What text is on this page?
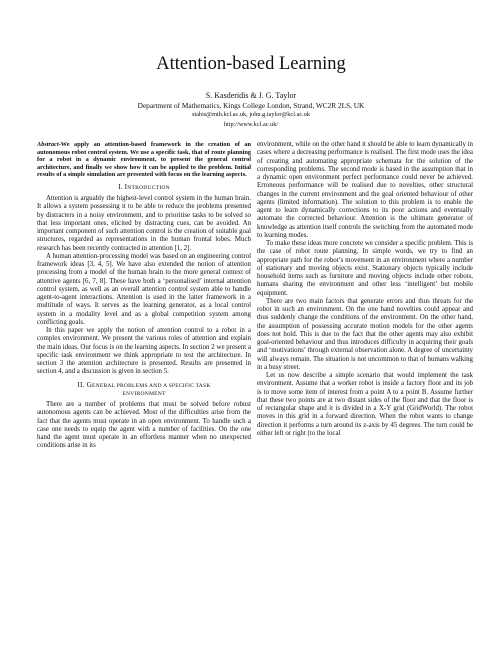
Attention-based Learning
S. Kasderidis & J. G. Taylor
Department of Mathematics, Kings College London, Strand, WC2R 2LS, UK
stahis@mth.kcl.ac.uk, john.g.taylor@kcl.ac.uk
http://www.kcl.ac.uk/

Abstract-We apply an attention-based framework in the creation of an autonomous robot control system. We use a specific task, that of route planning for a robot in a dynamic environment, to present the general control architecture, and finally we show how it can be applied to the problem. Initial results of a simple simulation are presented with focus on the learning aspects.

I. INTRODUCTION

Attention is arguably the highest-level control system in the human brain. It allows a system possessing it to be able to reduce the problems presented by distracters in a noisy environment, and to prioritise tasks to be solved so that less important ones, elicited by distracting cues, can be avoided. An important component of such attention control is the creation of suitable goal structures, regarded as representations in the human frontal lobes. Much research has been recently contracted in attention [1, 2].

A human attention-processing model was based on an engineering control framework ideas [3, 4, 5]. We have also extended the notion of attention processing from a model of the human brain to the more general context of attentive agents [6, 7, 8]. These have both a ‘personalised’ internal attention control system, as well as an overall attention control system able to handle agent-to-agent interactions. Attention is used in the latter framework in a multitude of ways. It serves as the learning generator, as a local control system in a modality level and as a global competition system among conflicting goals.

In this paper we apply the notion of attention control to a robot in a complex environment. We present the various roles of attention and explain the main ideas. Our focus is on the learning aspects. In section 2 we present a specific task environment we think appropriate to test the architecture. In section 3 the attention architecture is presented. Results are presented in section 4, and a discussion is given in section 5.

II. GENERAL PROBLEMS AND A SPECIFIC TASK
ENVIRONMENT

There are a number of problems that must be solved before robust autonomous agents can be achieved. Most of the difficulties arise from the fact that the agents must operate in an open environment. To handle such a case one needs to equip the agent with a number of facilities. On the one hand the agent must operate in an effortless manner when no unexpected conditions arise in its

environment, while on the other hand it should be able to learn dynamically in cases where a decreasing performance is realised. The first mode uses the idea of creating and automating appropriate schemata for the solution of the corresponding problems. The second mode is based in the assumption that in a dynamic open environment perfect performance could never be achieved. Erroneous performance will be realised due to novelties, other structural changes in the current environment and the goal oriented behaviour of other agents (limited information). The solution to this problem is to enable the agent to learn dynamically corrections to its poor actions and eventually automate the corrected behaviour. Attention is the ultimate generator of knowledge as attention itself controls the switching from the automated mode to learning modes.

To make these ideas more concrete we consider a specific problem. This is the case of robot route planning. In simple words, we try to find an appropriate path for the robot’s movement in an environment where a number of stationary and moving objects exist. Stationary objects typically include household items such as furniture and moving objects include other robots, humans sharing the environment and other less ‘intelligent’ but mobile equipment.

There are two main factors that generate errors and thus threats for the robot in such an environment. On the one hand novelties could appear and thus suddenly change the conditions of the environment. On the other hand, the assumption of possessing accurate motion models for the other agents does not hold. This is due to the fact that the other agents may also exhibit goal-oriented behaviour and thus introduces difficulty in acquiring their goals and ‘motivations’ through external observation alone. A degree of uncertainty will always remain. The situation is not uncommon to that of humans walking in a busy street.

Let us now describe a simple scenario that would implement the task environment. Assume that a worker robot is inside a factory floor and its job is to move some item of interest from a point A to a point B. Assume further that these two points are at two distant sides of the floor and that the floor is of rectangular shape and it is divided in a X-Y grid (GridWorld). The robot moves in this grid in a forward direction. When the robot wants to change direction it performs a turn around its z-axis by 45 degrees. The turn could be either left or right (to the local
